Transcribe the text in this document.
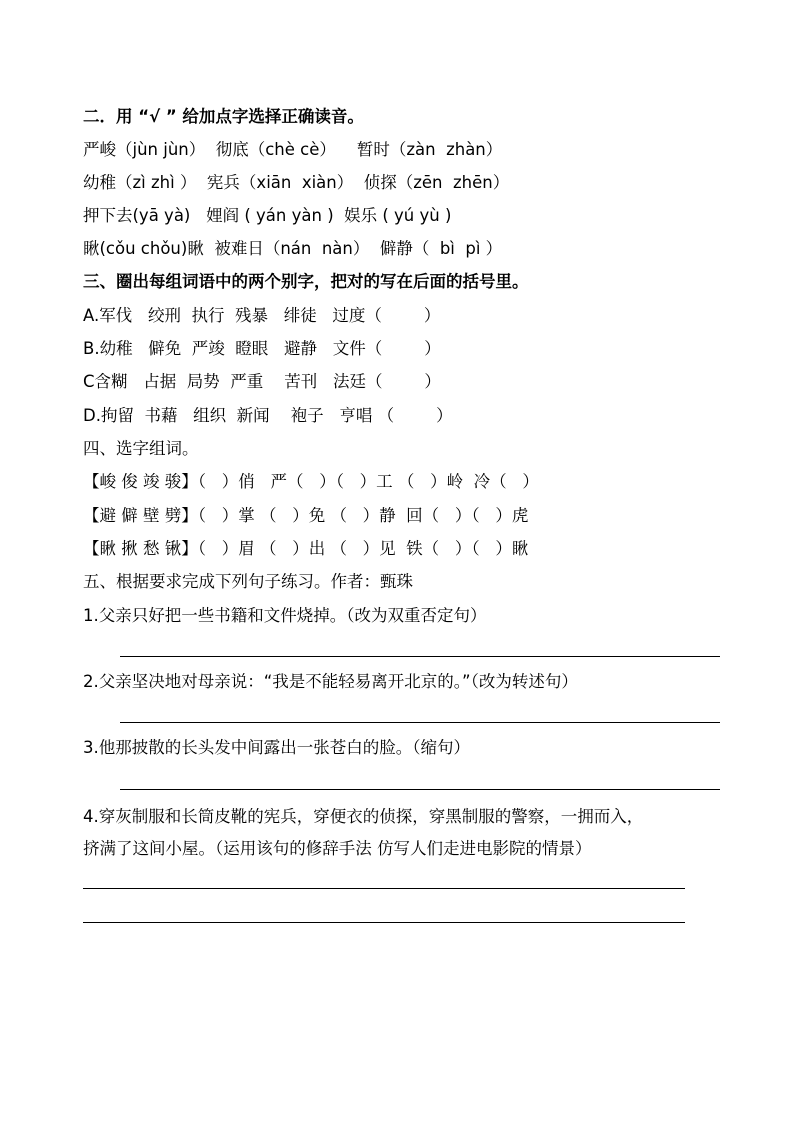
二．用 “√ ” 给加点字选择正确读音。
严峻（jùn jùn）  彻底（chè cè）    暂时（zàn  zhàn）
幼稚（zì zhì ）  宪兵（xiān  xiàn）  侦探（zēn  zhēn）
押下去(yā yà)   娌阎 ( yán yàn )  娱乐 ( yú yù )
瞅(cǒu chǒu)瞅  被难日（nán  nàn）  僻静（  bì  pì ）
三、圈出每组词语中的两个别字，把对的写在后面的括号里。
A.军伐   绞刑  执行  残暴   绯徒   过度（        ）
B.幼稚   僻免  严竣  瞪眼   避静   文件（        ）
C含糊   占据  局势  严重    苦刊   法廷（        ）
D.拘留  书藉   组织  新闻    袍子   亨唱 （        ）
四、选字组词。
【峻 俊 竣 骏】（   ）俏   严（   ）（   ）工 （   ）岭  冷（   ）
【避 僻 壁 劈】（   ）掌 （   ）免 （   ）静  回（   ）（   ）虎
【瞅 揪 愁 锹】（   ）眉 （   ）出 （   ）见  铁（   ）（   ）瞅
五、根据要求完成下列句子练习。作者：甄珠
1.父亲只好把一些书籍和文件烧掉。（改为双重否定句）
2.父亲坚决地对母亲说：“我是不能轻易离开北京的。”（改为转述句）
3.他那披散的长头发中间露出一张苍白的脸。（缩句）
4.穿灰制服和长筒皮靴的宪兵，穿便衣的侦探，穿黑制服的警察，一拥而入，
挤满了这间小屋。（运用该句的修辞手法 仿写人们走进电影院的情景）
